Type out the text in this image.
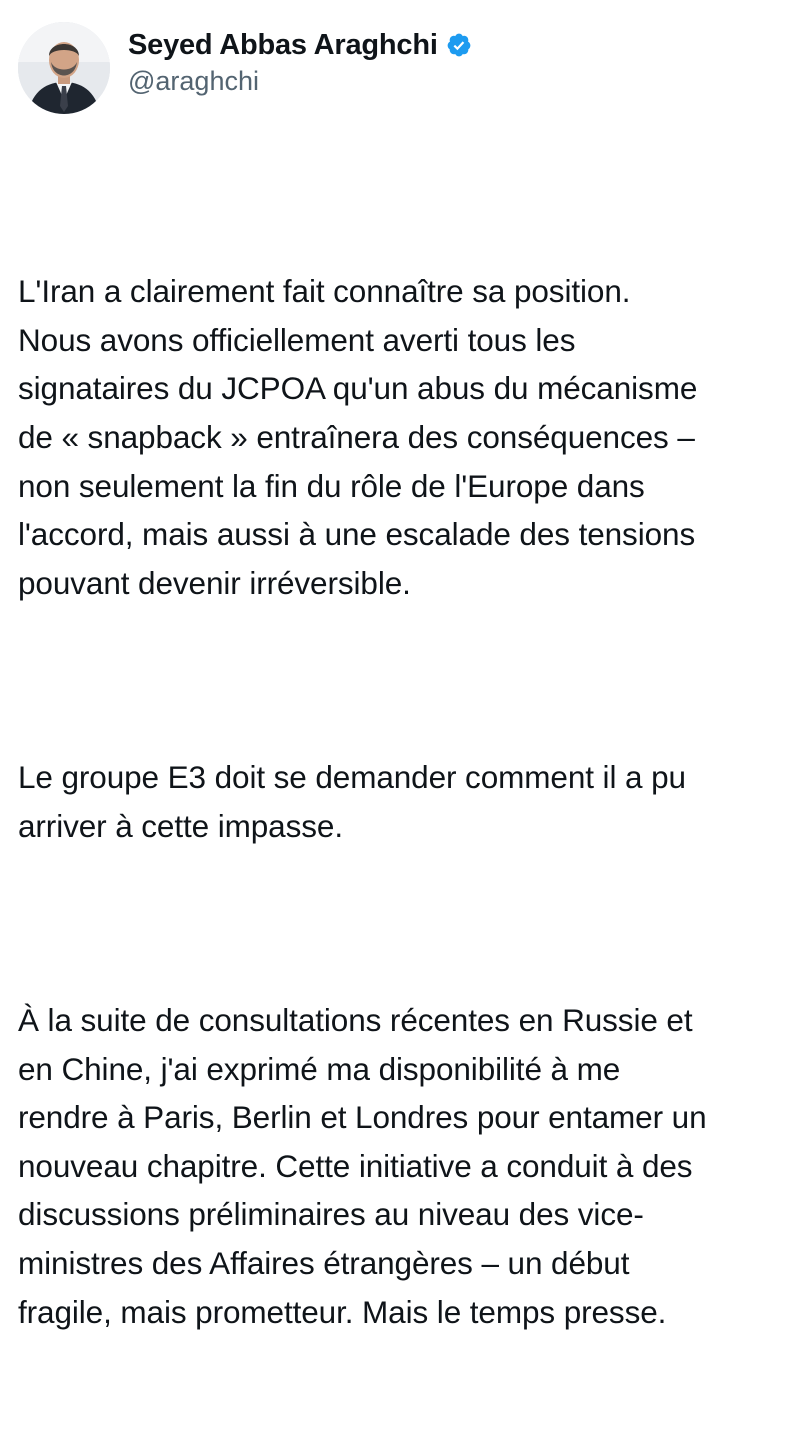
Seyed Abbas Araghchi
@araghchi

L'Iran a clairement fait connaître sa position.
Nous avons officiellement averti tous les
signataires du JCPOA qu'un abus du mécanisme
de « snapback » entraînera des conséquences –
non seulement la fin du rôle de l'Europe dans
l'accord, mais aussi à une escalade des tensions
pouvant devenir irréversible.

Le groupe E3 doit se demander comment il a pu
arriver à cette impasse.

À la suite de consultations récentes en Russie et
en Chine, j'ai exprimé ma disponibilité à me
rendre à Paris, Berlin et Londres pour entamer un
nouveau chapitre. Cette initiative a conduit à des
discussions préliminaires au niveau des vice-
ministres des Affaires étrangères – un début
fragile, mais prometteur. Mais le temps presse.
